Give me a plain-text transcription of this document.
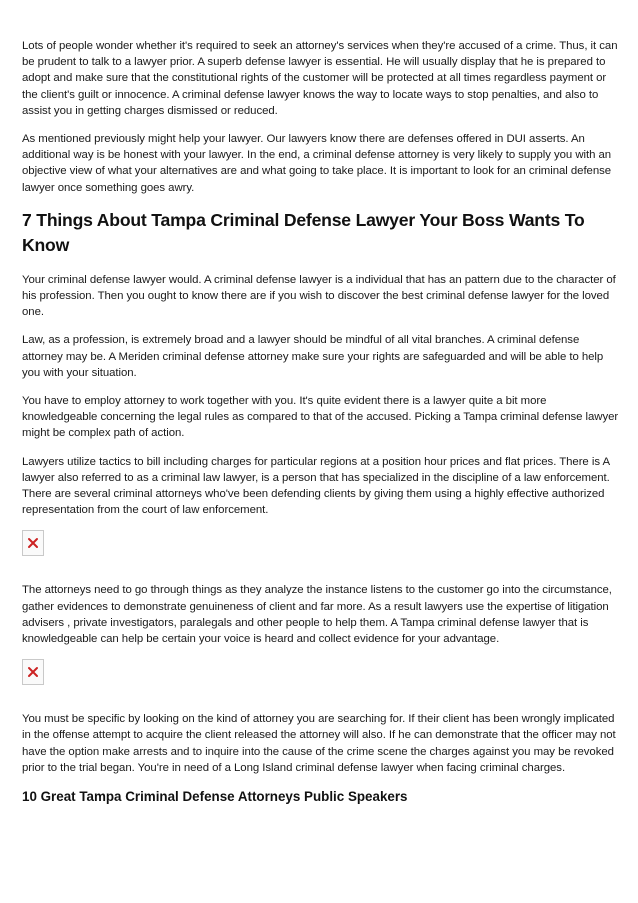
Lots of people wonder whether it's required to seek an attorney's services when they're accused of a crime. Thus, it can be prudent to talk to a lawyer prior. A superb defense lawyer is essential. He will usually display that he is prepared to adopt and make sure that the constitutional rights of the customer will be protected at all times regardless payment or the client's guilt or innocence. A criminal defense lawyer knows the way to locate ways to stop penalties, and also to assist you in getting charges dismissed or reduced.

As mentioned previously might help your lawyer. Our lawyers know there are defenses offered in DUI asserts. An additional way is be honest with your lawyer. In the end, a criminal defense attorney is very likely to supply you with an objective view of what your alternatives are and what going to take place. It is important to look for an criminal defense lawyer once something goes awry.

7 Things About Tampa Criminal Defense Lawyer Your Boss Wants To Know

Your criminal defense lawyer would. A criminal defense lawyer is a individual that has an pattern due to the character of his profession. Then you ought to know there are if you wish to discover the best criminal defense lawyer for the loved one.

Law, as a profession, is extremely broad and a lawyer should be mindful of all vital branches. A criminal defense attorney may be. A Meriden criminal defense attorney make sure your rights are safeguarded and will be able to help you with your situation.

You have to employ attorney to work together with you. It's quite evident there is a lawyer quite a bit more knowledgeable concerning the legal rules as compared to that of the accused. Picking a Tampa criminal defense lawyer might be complex path of action.

Lawyers utilize tactics to bill including charges for particular regions at a position hour prices and flat prices. There is A lawyer also referred to as a criminal law lawyer, is a person that has specialized in the discipline of a law enforcement. There are several criminal attorneys who've been defending clients by giving them using a highly effective authorized representation from the court of law enforcement.

The attorneys need to go through things as they analyze the instance listens to the customer go into the circumstance, gather evidences to demonstrate genuineness of client and far more. As a result lawyers use the expertise of litigation advisers , private investigators, paralegals and other people to help them. A Tampa criminal defense lawyer that is knowledgeable can help be certain your voice is heard and collect evidence for your advantage.

You must be specific by looking on the kind of attorney you are searching for. If their client has been wrongly implicated in the offense attempt to acquire the client released the attorney will also. If he can demonstrate that the officer may not have the option make arrests and to inquire into the cause of the crime scene the charges against you may be revoked prior to the trial began. You're in need of a Long Island criminal defense lawyer when facing criminal charges.

10 Great Tampa Criminal Defense Attorneys Public Speakers
